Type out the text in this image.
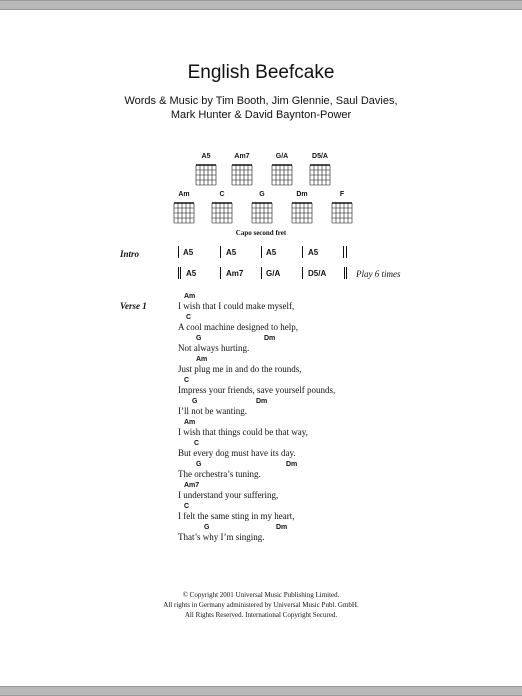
English Beefcake
Words & Music by Tim Booth, Jim Glennie, Saul Davies,
Mark Hunter & David Baynton-Power
A5	Am7	G/A	D5/A
Am	C	G	Dm	F
Capo second fret
Intro	A5	A5	A5	A5
A5	Am7	G/A	D5/A	Play 6 times
Verse 1
Am
I wish that I could make myself,
C
A cool machine designed to help,
G	Dm
Not always hurting.
Am
Just plug me in and do the rounds,
C
Impress your friends, save yourself pounds,
G	Dm
I’ll not be wanting.
Am
I wish that things could be that way,
C
But every dog must have its day.
G	Dm
The orchestra’s tuning.
Am7
I understand your suffering,
C
I felt the same sting in my heart,
G	Dm
That’s why I’m singing.
© Copyright 2001 Universal Music Publishing Limited.
All rights in Germany administered by Universal Music Publ. GmbH.
All Rights Reserved. International Copyright Secured.
